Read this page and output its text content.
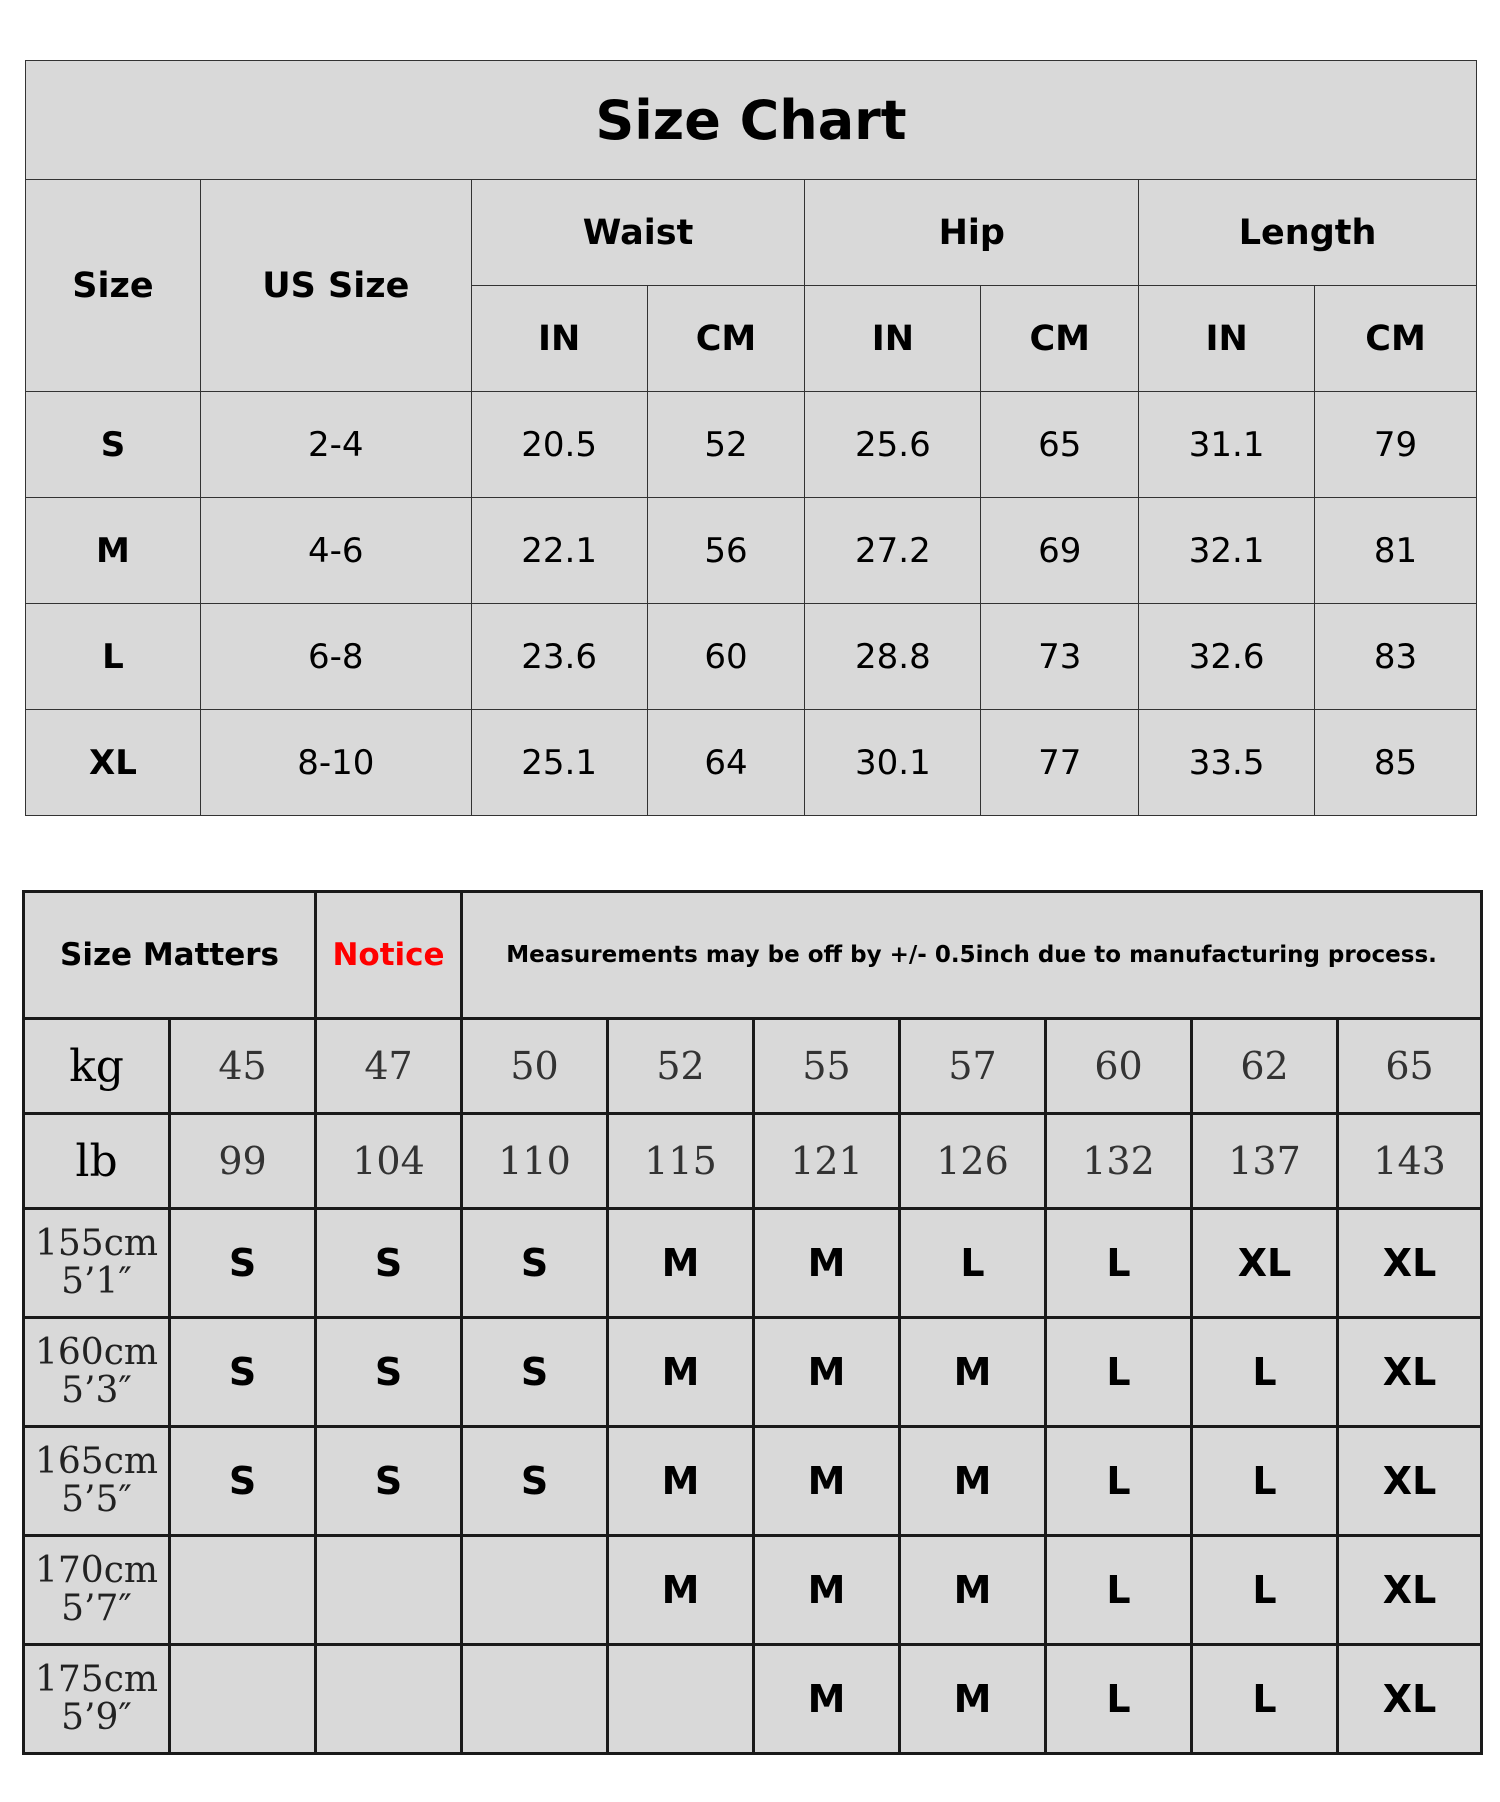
Size Chart							
Size	US Size	Waist		Hip		Length	
		IN	CM	IN	CM	IN	CM
S	2-4	20.5	52	25.6	65	31.1	79
M	4-6	22.1	56	27.2	69	32.1	81
L	6-8	23.6	60	28.8	73	32.6	83
XL	8-10	25.1	64	30.1	77	33.5	85
Size Matters		Notice	Measurements may be off by +/- 0.5inch due to manufacturing process.						
kg	45	47	50	52	55	57	60	62	65
lb	99	104	110	115	121	126	132	137	143
155cm
5’1″	S	S	S	M	M	L	L	XL	XL
160cm
5’3″	S	S	S	M	M	M	L	L	XL
165cm
5’5″	S	S	S	M	M	M	L	L	XL
170cm
5’7″				M	M	M	L	L	XL
175cm
5’9″					M	M	L	L	XL
